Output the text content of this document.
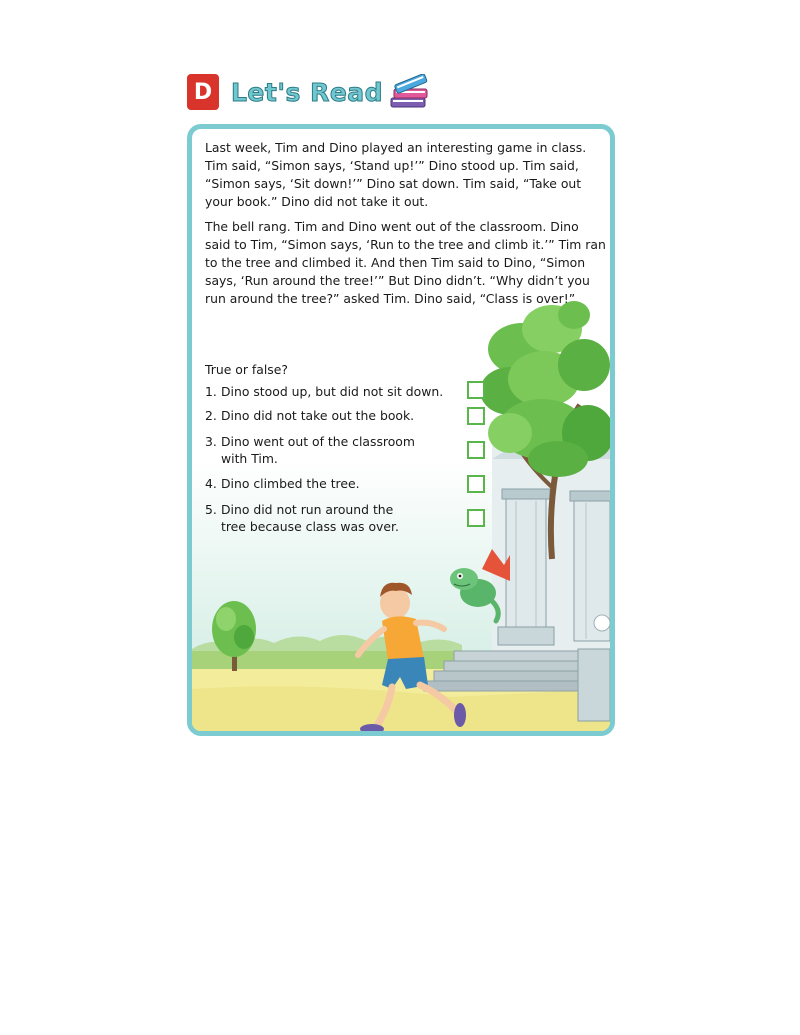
D Let's Read

Last week, Tim and Dino played an interesting game in class. Tim said, “Simon says, ‘Stand up!’” Dino stood up. Tim said, “Simon says, ‘Sit down!’” Dino sat down. Tim said, “Take out your book.” Dino did not take it out.

The bell rang. Tim and Dino went out of the classroom. Dino said to Tim, “Simon says, ‘Run to the tree and climb it.’” Tim ran to the tree and climbed it. And then Tim said to Dino, “Simon says, ‘Run around the tree!’” But Dino didn’t. “Why didn’t you run around the tree?” asked Tim. Dino said, “Class is over!”

True or false?
1. Dino stood up, but did not sit down.
2. Dino did not take out the book.
3. Dino went out of the classroom with Tim.
4. Dino climbed the tree.
5. Dino did not run around the tree because class was over.
